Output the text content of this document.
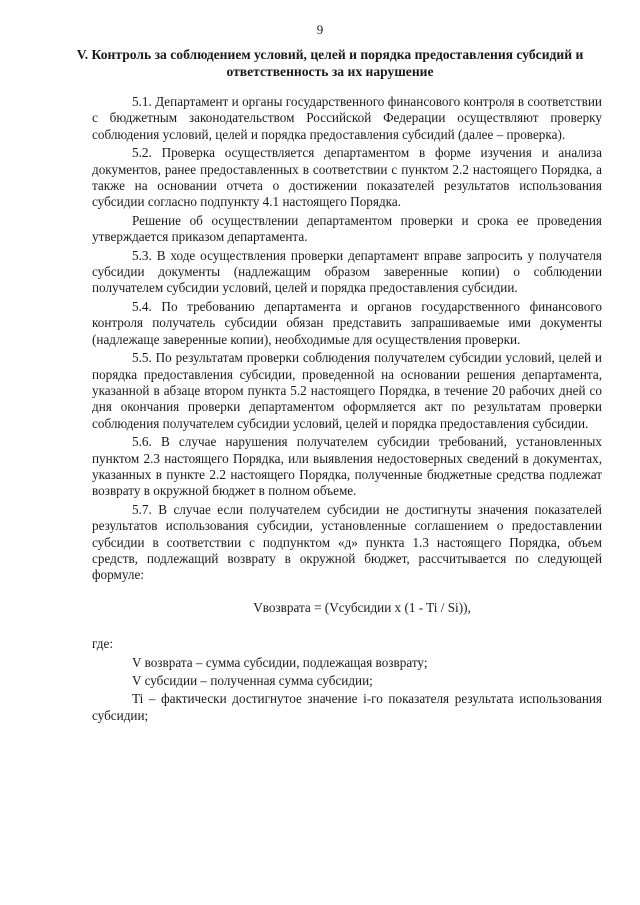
9
V. Контроль за соблюдением условий, целей и порядка предоставления субсидий и ответственность за их нарушение

5.1. Департамент и органы государственного финансового контроля в соответствии с бюджетным законодательством Российской Федерации осуществляют проверку соблюдения условий, целей и порядка предоставления субсидий (далее – проверка).

5.2. Проверка осуществляется департаментом в форме изучения и анализа документов, ранее предоставленных в соответствии с пунктом 2.2 настоящего Порядка, а также на основании отчета о достижении показателей результатов использования субсидии согласно подпункту 4.1 настоящего Порядка.

Решение об осуществлении департаментом проверки и срока ее проведения утверждается приказом департамента.

5.3. В ходе осуществления проверки департамент вправе запросить у получателя субсидии документы (надлежащим образом заверенные копии) о соблюдении получателем субсидии условий, целей и порядка предоставления субсидии.

5.4. По требованию департамента и органов государственного финансового контроля получатель субсидии обязан представить запрашиваемые ими документы (надлежаще заверенные копии), необходимые для осуществления проверки.

5.5. По результатам проверки соблюдения получателем субсидии условий, целей и порядка предоставления субсидии, проведенной на основании решения департамента, указанной в абзаце втором пункта 5.2 настоящего Порядка, в течение 20 рабочих дней со дня окончания проверки департаментом оформляется акт по результатам проверки соблюдения получателем субсидии условий, целей и порядка предоставления субсидии.

5.6. В случае нарушения получателем субсидии требований, установленных пунктом 2.3 настоящего Порядка, или выявления недостоверных сведений в документах, указанных в пункте 2.2 настоящего Порядка, полученные бюджетные средства подлежат возврату в окружной бюджет в полном объеме.

5.7. В случае если получателем субсидии не достигнуты значения показателей результатов использования субсидии, установленные соглашением о предоставлении субсидии в соответствии с подпунктом «д» пункта 1.3 настоящего Порядка, объем средств, подлежащий возврату в окружной бюджет, рассчитывается по следующей формуле:

Vвозврата = (Vсубсидии x (1 - Ti / Si)),

где:

V возврата – сумма субсидии, подлежащая возврату;

V субсидии – полученная сумма субсидии;

Ti – фактически достигнутое значение i-го показателя результата использования субсидии;
